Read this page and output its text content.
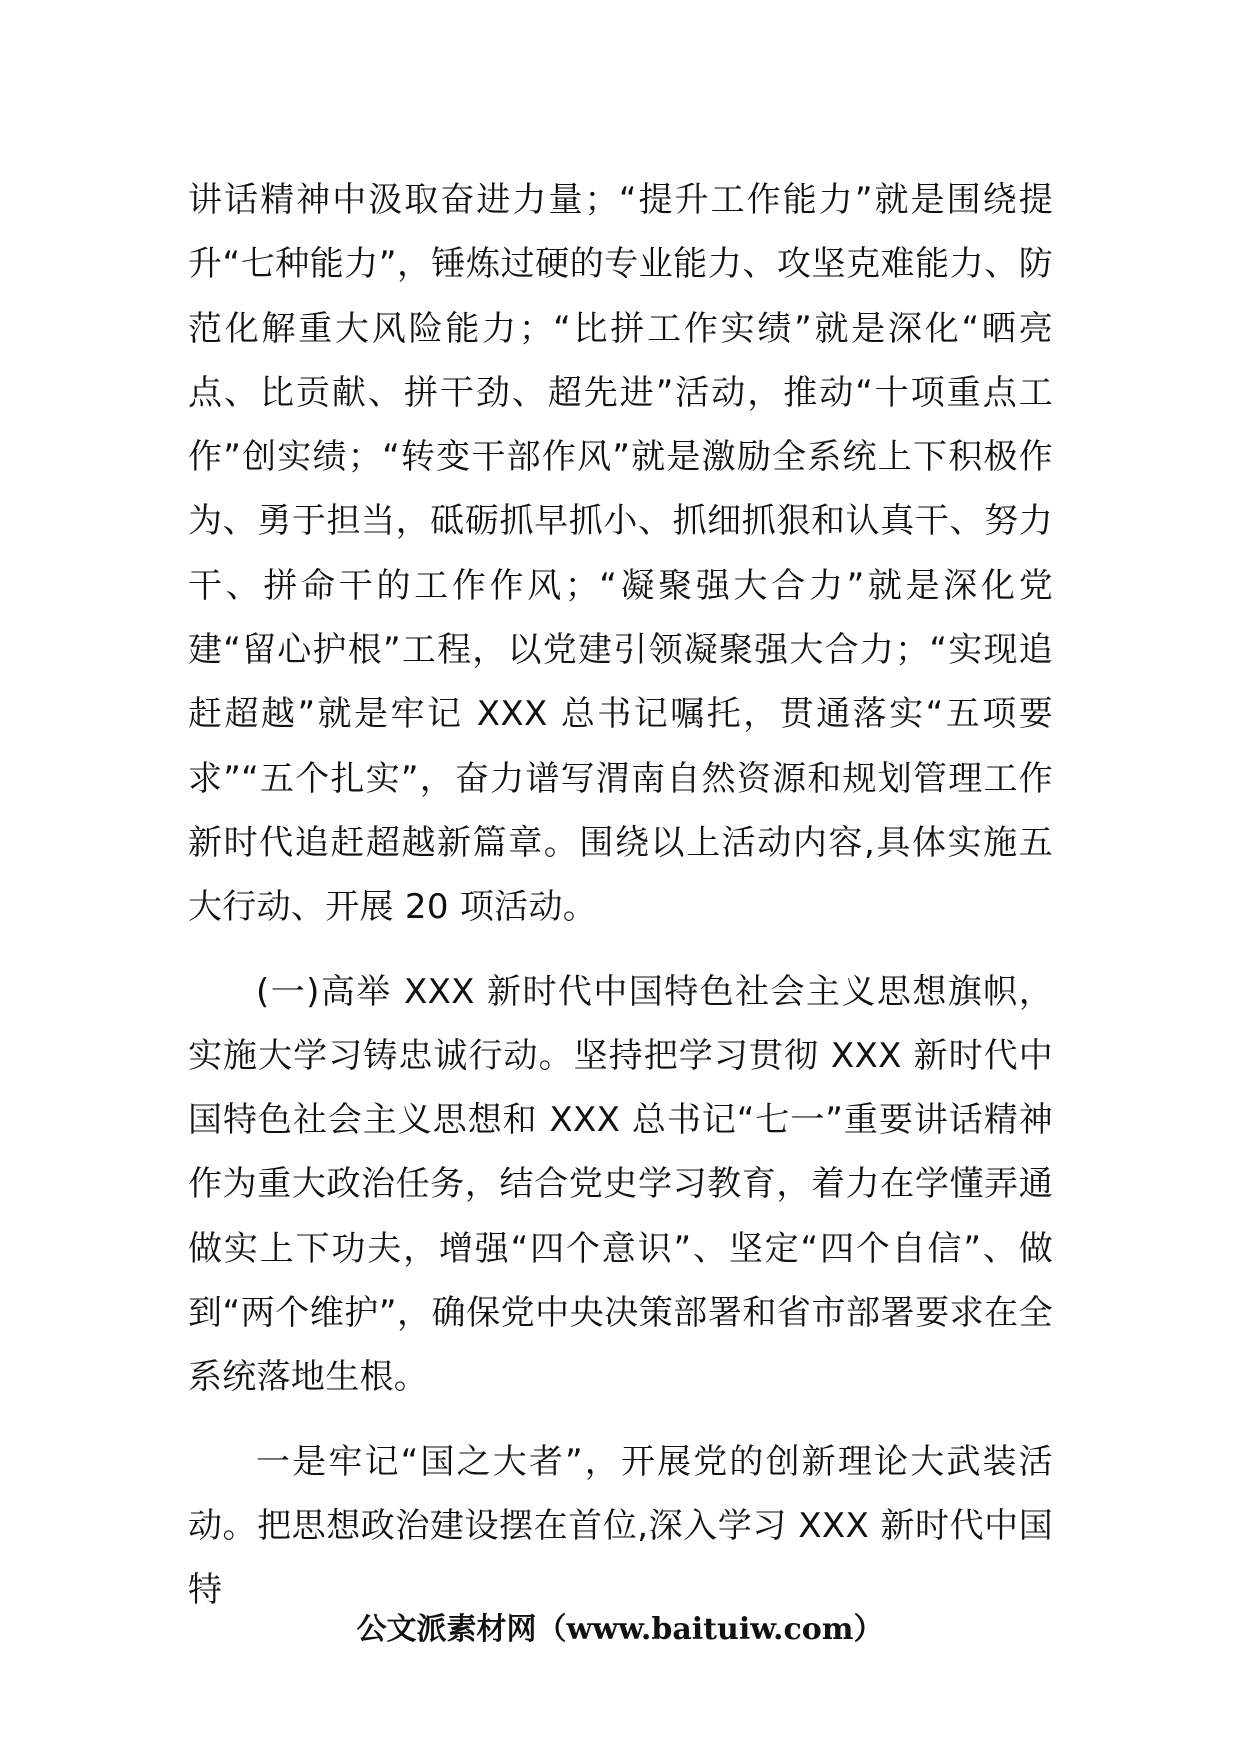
讲话精神中汲取奋进力量；“提升工作能力”就是围绕提升“七种能力”，锤炼过硬的专业能力、攻坚克难能力、防范化解重大风险能力；“比拼工作实绩”就是深化“晒亮点、比贡献、拼干劲、超先进”活动，推动“十项重点工作”创实绩；“转变干部作风”就是激励全系统上下积极作为、勇于担当，砥砺抓早抓小、抓细抓狠和认真干、努力干、拼命干的工作作风；“凝聚强大合力”就是深化党建“留心护根”工程，以党建引领凝聚强大合力；“实现追赶超越”就是牢记 XXX 总书记嘱托，贯通落实“五项要求”“五个扎实”，奋力谱写渭南自然资源和规划管理工作新时代追赶超越新篇章。围绕以上活动内容,具体实施五大行动、开展 20 项活动。

(一)高举 XXX 新时代中国特色社会主义思想旗帜，实施大学习铸忠诚行动。坚持把学习贯彻 XXX 新时代中国特色社会主义思想和 XXX 总书记“七一”重要讲话精神作为重大政治任务，结合党史学习教育，着力在学懂弄通做实上下功夫，增强“四个意识”、坚定“四个自信”、做到“两个维护”，确保党中央决策部署和省市部署要求在全系统落地生根。

一是牢记“国之大者”，开展党的创新理论大武装活动。把思想政治建设摆在首位,深入学习 XXX 新时代中国特

公文派素材网（www.baituiw.com）
